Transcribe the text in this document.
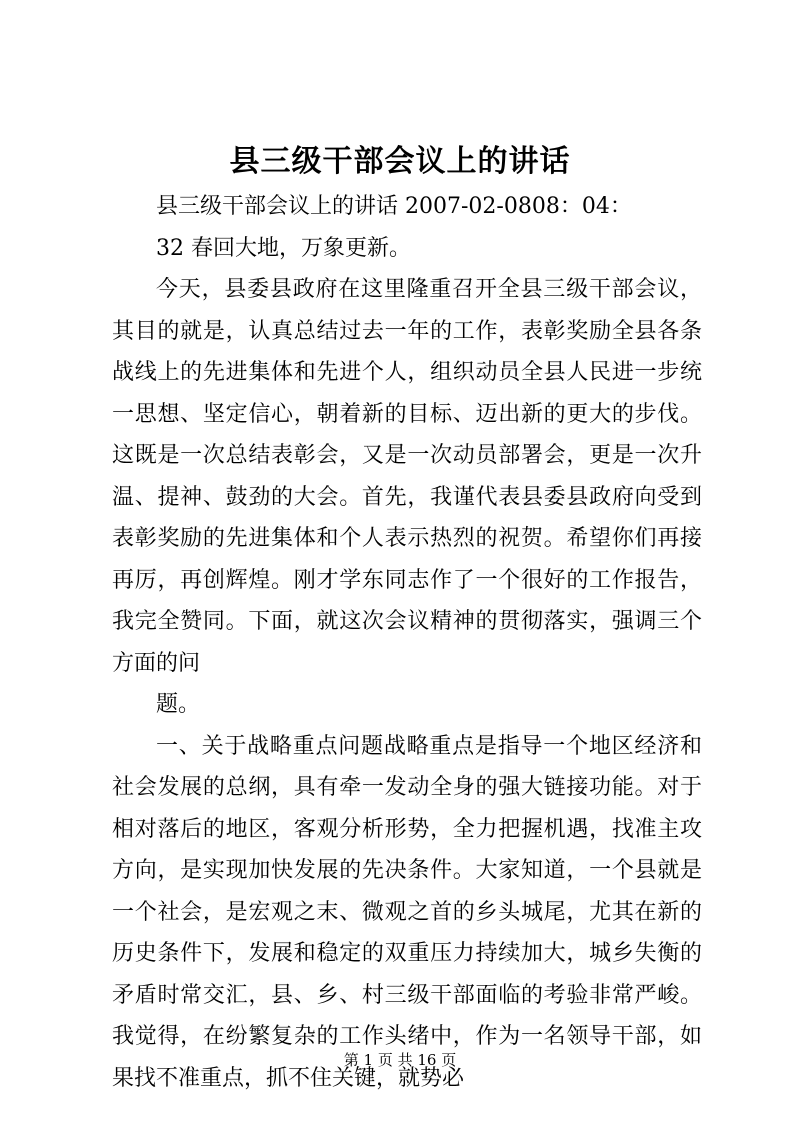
县三级干部会议上的讲话

县三级干部会议上的讲话 2007-02-0808：04：

32 春回大地，万象更新。

今天，县委县政府在这里隆重召开全县三级干部会议，其目的就是，认真总结过去一年的工作，表彰奖励全县各条战线上的先进集体和先进个人，组织动员全县人民进一步统一思想、坚定信心，朝着新的目标、迈出新的更大的步伐。这既是一次总结表彰会，又是一次动员部署会，更是一次升温、提神、鼓劲的大会。首先，我谨代表县委县政府向受到表彰奖励的先进集体和个人表示热烈的祝贺。希望你们再接再厉，再创辉煌。刚才学东同志作了一个很好的工作报告，我完全赞同。下面，就这次会议精神的贯彻落实，强调三个方面的问

题。

一、关于战略重点问题战略重点是指导一个地区经济和社会发展的总纲，具有牵一发动全身的强大链接功能。对于相对落后的地区，客观分析形势，全力把握机遇，找准主攻方向，是实现加快发展的先决条件。大家知道，一个县就是一个社会，是宏观之末、微观之首的乡头城尾，尤其在新的历史条件下，发展和稳定的双重压力持续加大，城乡失衡的矛盾时常交汇，县、乡、村三级干部面临的考验非常严峻。我觉得，在纷繁复杂的工作头绪中，作为一名领导干部，如果找不准重点，抓不住关键，就势必

第 1 页 共 16 页
